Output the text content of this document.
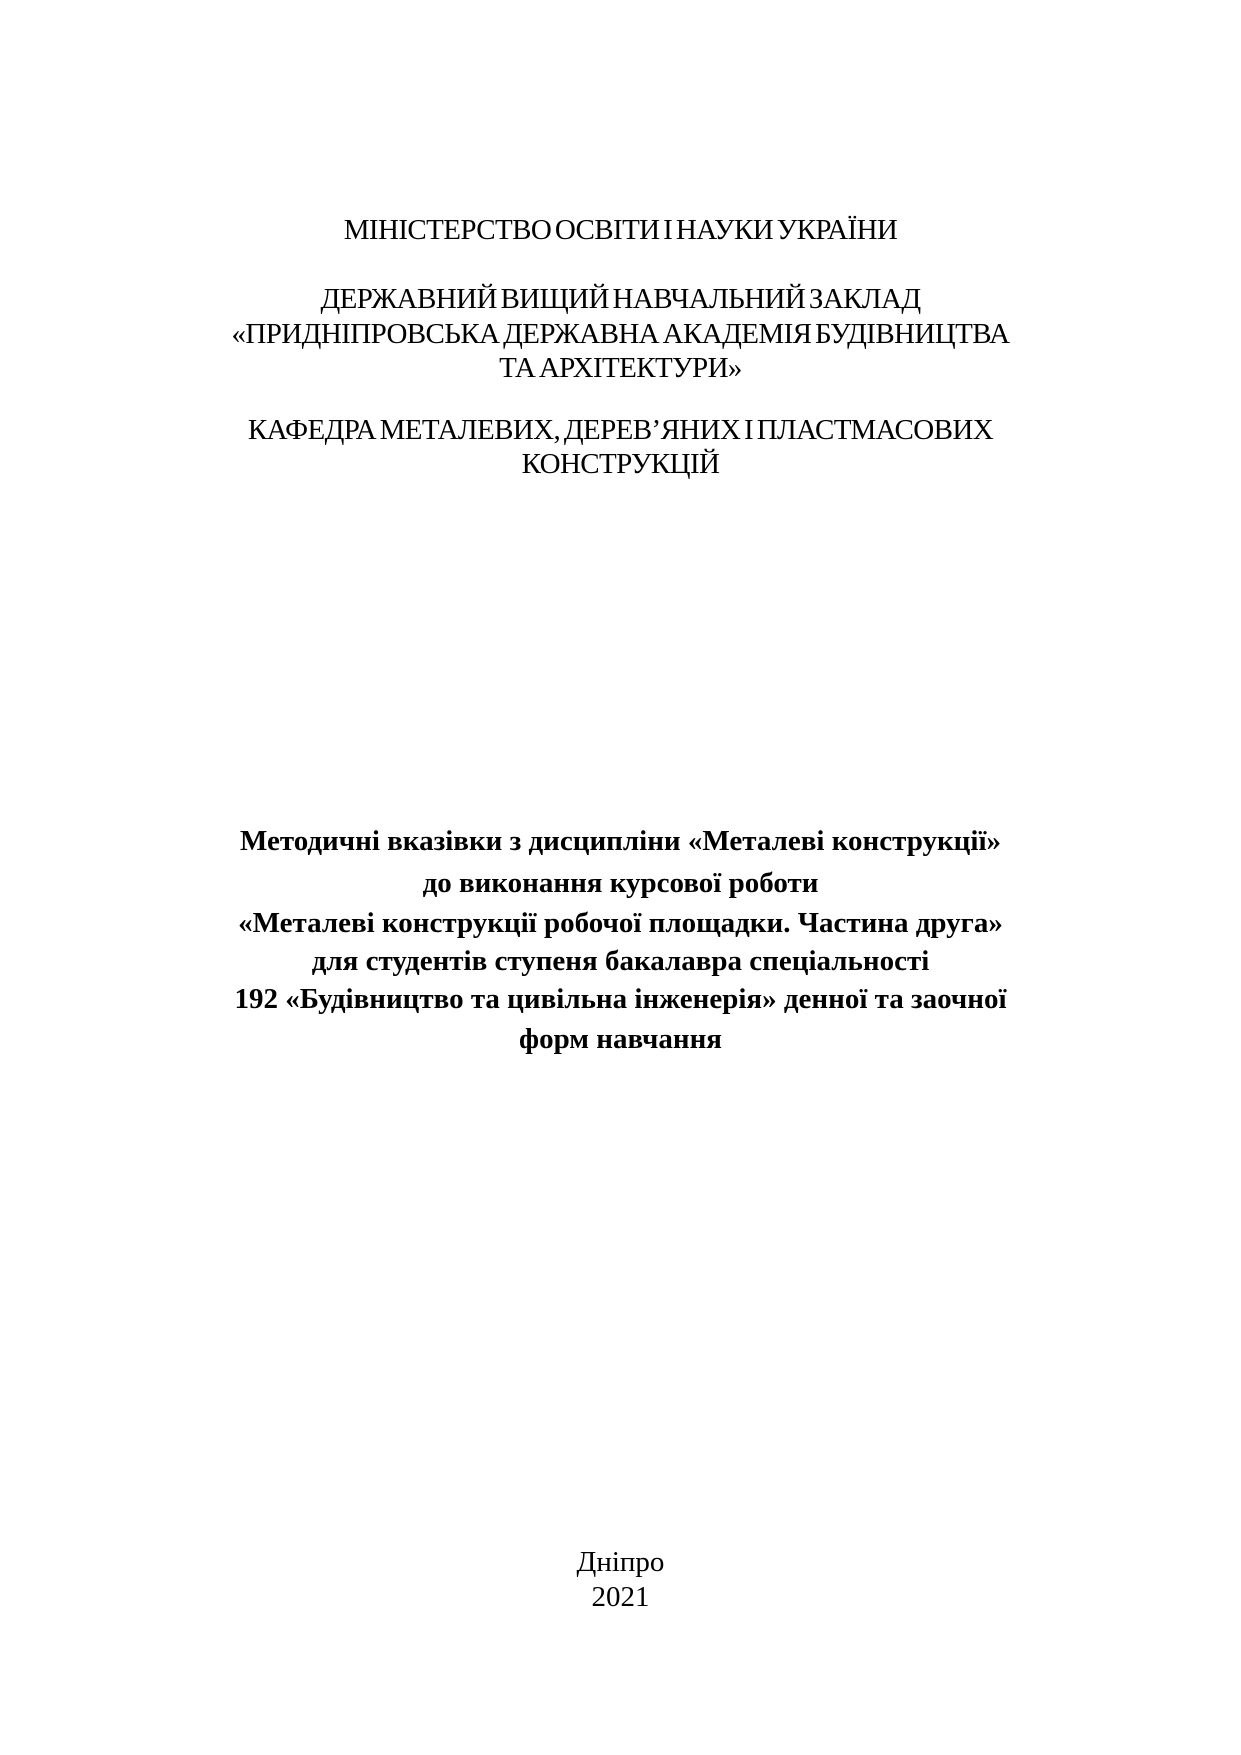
МІНІСТЕРСТВО ОСВІТИ І НАУКИ УКРАЇНИ
ДЕРЖАВНИЙ ВИЩИЙ НАВЧАЛЬНИЙ ЗАКЛАД
«ПРИДНІПРОВСЬКА ДЕРЖАВНА АКАДЕМІЯ БУДІВНИЦТВА
ТА АРХІТЕКТУРИ»
КАФЕДРА МЕТАЛЕВИХ, ДЕРЕВ’ЯНИХ І ПЛАСТМАСОВИХ
КОНСТРУКЦІЙ
Методичні вказівки з дисципліни «Металеві конструкції»
до виконання курсової роботи
«Металеві конструкції робочої площадки. Частина друга»
для студентів ступеня бакалавра спеціальності
192 «Будівництво та цивільна інженерія» денної та заочної
форм навчання
Дніпро
2021
